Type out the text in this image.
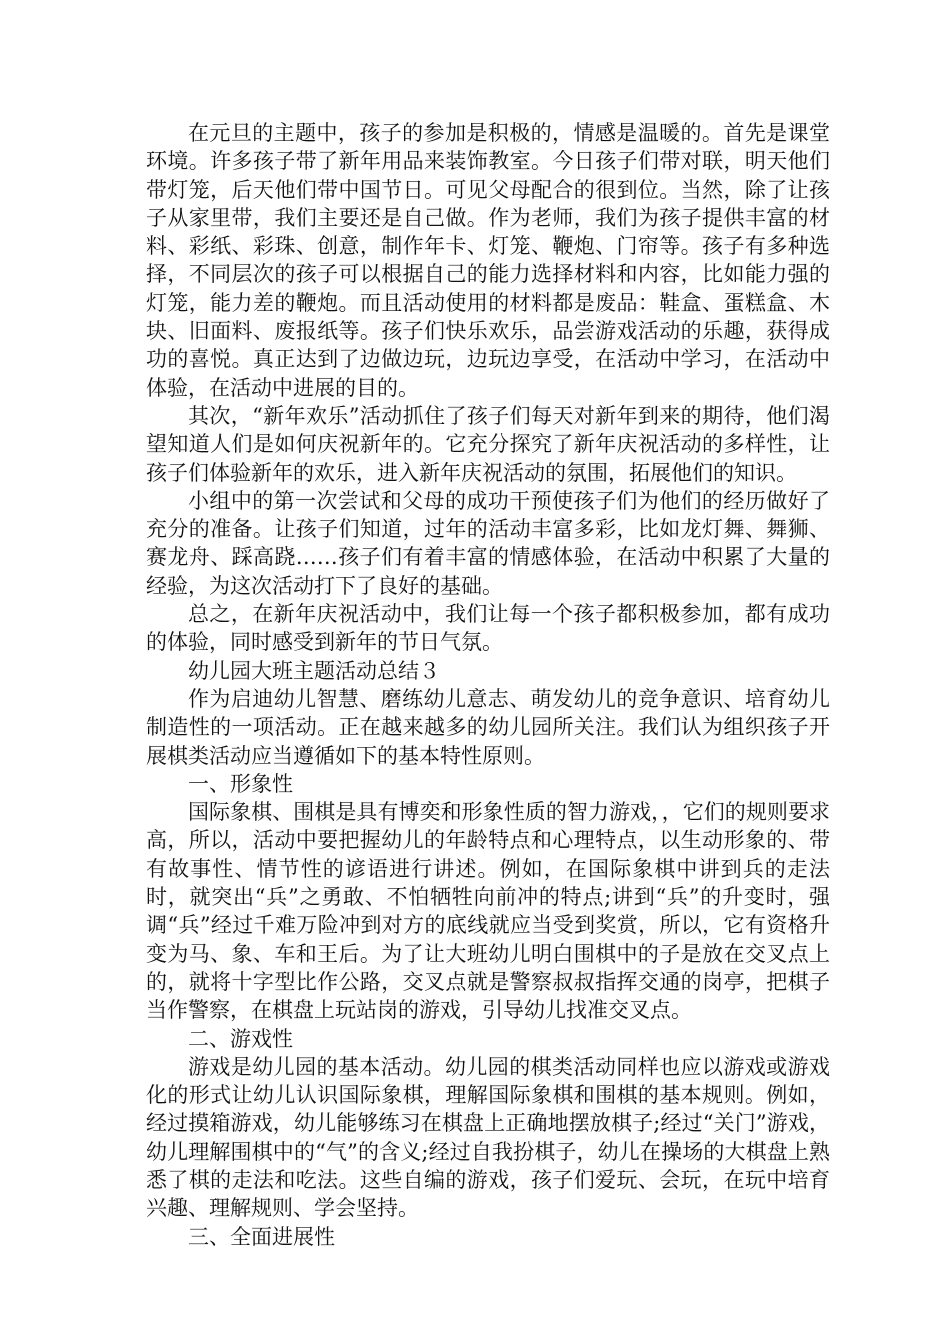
在元旦的主题中，孩子的参加是积极的，情感是温暖的。首先是课堂环境。许多孩子带了新年用品来装饰教室。今日孩子们带对联，明天他们带灯笼，后天他们带中国节日。可见父母配合的很到位。当然，除了让孩子从家里带，我们主要还是自己做。作为老师，我们为孩子提供丰富的材料、彩纸、彩珠、创意，制作年卡、灯笼、鞭炮、门帘等。孩子有多种选择，不同层次的孩子可以根据自己的能力选择材料和内容，比如能力强的灯笼，能力差的鞭炮。而且活动使用的材料都是废品：鞋盒、蛋糕盒、木块、旧面料、废报纸等。孩子们快乐欢乐，品尝游戏活动的乐趣，获得成功的喜悦。真正达到了边做边玩，边玩边享受，在活动中学习，在活动中体验，在活动中进展的目的。

其次，“新年欢乐”活动抓住了孩子们每天对新年到来的期待，他们渴望知道人们是如何庆祝新年的。它充分探究了新年庆祝活动的多样性，让孩子们体验新年的欢乐，进入新年庆祝活动的氛围，拓展他们的知识。

小组中的第一次尝试和父母的成功干预使孩子们为他们的经历做好了充分的准备。让孩子们知道，过年的活动丰富多彩，比如龙灯舞、舞狮、赛龙舟、踩高跷……孩子们有着丰富的情感体验，在活动中积累了大量的经验，为这次活动打下了良好的基础。

总之，在新年庆祝活动中，我们让每一个孩子都积极参加，都有成功的体验，同时感受到新年的节日气氛。

幼儿园大班主题活动总结３

作为启迪幼儿智慧、磨练幼儿意志、萌发幼儿的竞争意识、培育幼儿制造性的一项活动。正在越来越多的幼儿园所关注。我们认为组织孩子开展棋类活动应当遵循如下的基本特性原则。

一、形象性

国际象棋、围棋是具有博奕和形象性质的智力游戏，，它们的规则要求高，所以，活动中要把握幼儿的年龄特点和心理特点，以生动形象的、带有故事性、情节性的谚语进行讲述。例如，在国际象棋中讲到兵的走法时，就突出“兵”之勇敢、不怕牺牲向前冲的特点;讲到“兵”的升变时，强调“兵”经过千难万险冲到对方的底线就应当受到奖赏，所以，它有资格升变为马、象、车和王后。为了让大班幼儿明白围棋中的子是放在交叉点上的，就将十字型比作公路，交叉点就是警察叔叔指挥交通的岗亭，把棋子当作警察，在棋盘上玩站岗的游戏，引导幼儿找准交叉点。

二、游戏性

游戏是幼儿园的基本活动。幼儿园的棋类活动同样也应以游戏或游戏化的形式让幼儿认识国际象棋，理解国际象棋和围棋的基本规则。例如，经过摸箱游戏，幼儿能够练习在棋盘上正确地摆放棋子;经过“关门”游戏，幼儿理解围棋中的“气”的含义;经过自我扮棋子，幼儿在操场的大棋盘上熟悉了棋的走法和吃法。这些自编的游戏，孩子们爱玩、会玩，在玩中培育兴趣、理解规则、学会坚持。

三、全面进展性
